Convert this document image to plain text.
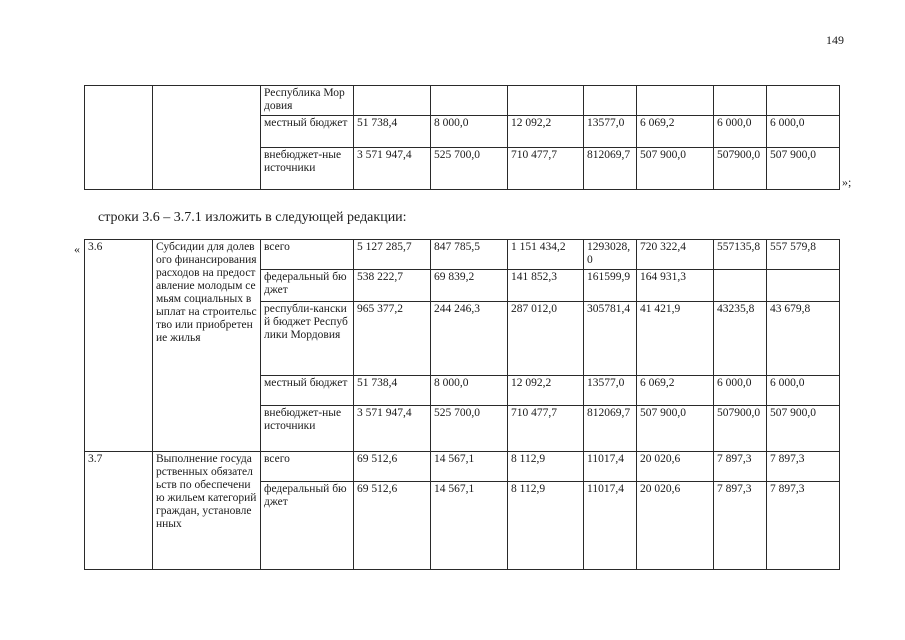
149
		Республика Мордовия							
		местный бюджет	51 738,4	8 000,0	12 092,2	13577,0	6 069,2	6 000,0	6 000,0
		внебюджет-ные источники	3 571 947,4	525 700,0	710 477,7	812069,7	507 900,0	507900,0	507 900,0
»;
строки 3.6 – 3.7.1 изложить в следующей редакции:
« 3.6	Субсидии для долевого финансирования расходов на предоставление молодым семьям социальных выплат на строительство или приобретение жилья	всего	5 127 285,7	847 785,5	1 151 434,2	1293028,0	720 322,4	557135,8	557 579,8
		федеральный бюджет	538 222,7	69 839,2	141 852,3	161599,9	164 931,3		
		республи-канский бюджет Республики Мордовия	965 377,2	244 246,3	287 012,0	305781,4	41 421,9	43235,8	43 679,8
		местный бюджет	51 738,4	8 000,0	12 092,2	13577,0	6 069,2	6 000,0	6 000,0
		внебюджет-ные источники	3 571 947,4	525 700,0	710 477,7	812069,7	507 900,0	507900,0	507 900,0
3.7	Выполнение государственных обязательств по обеспечению жильем категорий граждан, установленных	всего	69 512,6	14 567,1	8 112,9	11017,4	20 020,6	7 897,3	7 897,3
		федеральный бюджет	69 512,6	14 567,1	8 112,9	11017,4	20 020,6	7 897,3	7 897,3
